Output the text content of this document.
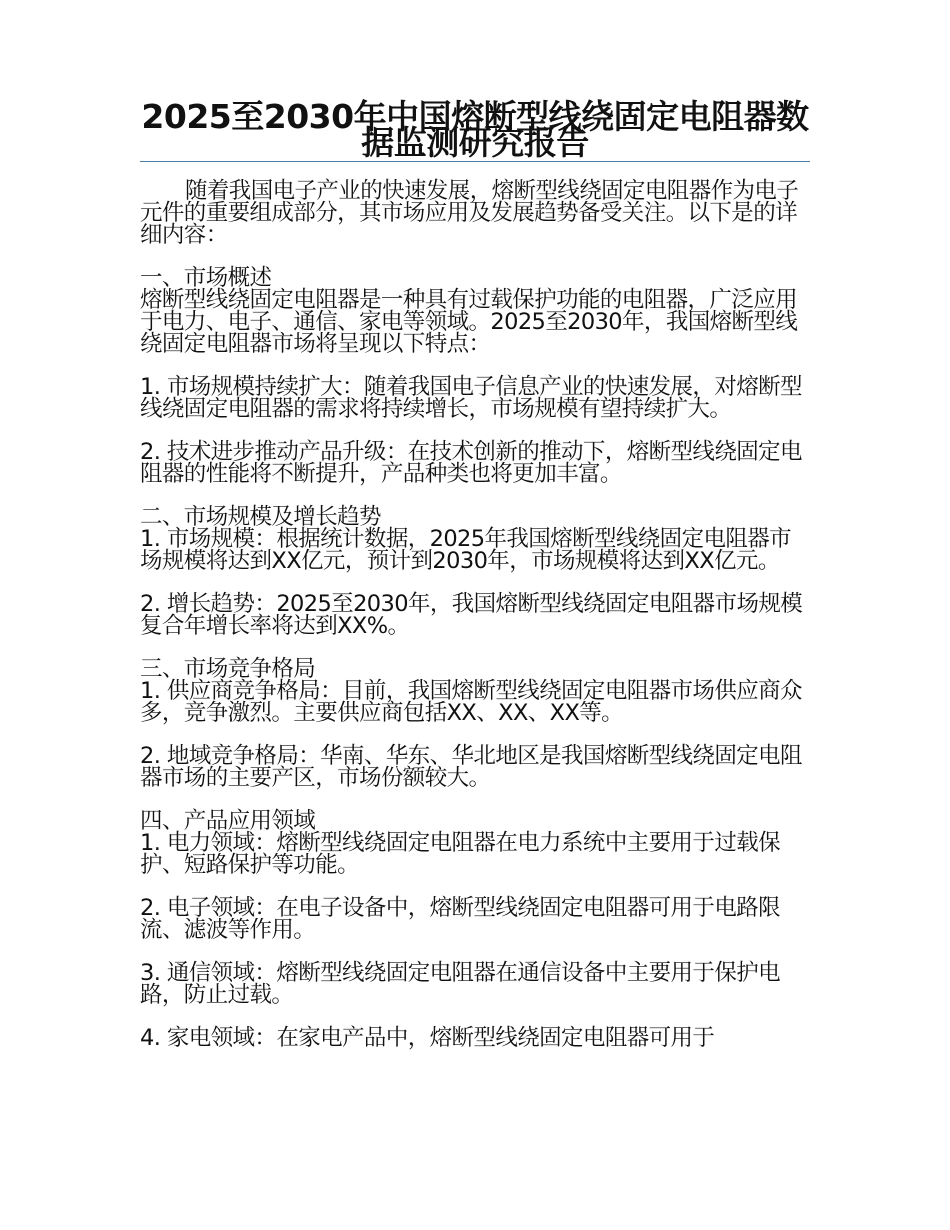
2025至2030年中国熔断型线绕固定电阻器数据监测研究报告

随着我国电子产业的快速发展，熔断型线绕固定电阻器作为电子元件的重要组成部分，其市场应用及发展趋势备受关注。以下是的详细内容：

一、市场概述

熔断型线绕固定电阻器是一种具有过载保护功能的电阻器，广泛应用于电力、电子、通信、家电等领域。2025至2030年，我国熔断型线绕固定电阻器市场将呈现以下特点：

1. 市场规模持续扩大：随着我国电子信息产业的快速发展，对熔断型线绕固定电阻器的需求将持续增长，市场规模有望持续扩大。

2. 技术进步推动产品升级：在技术创新的推动下，熔断型线绕固定电阻器的性能将不断提升，产品种类也将更加丰富。

二、市场规模及增长趋势

1. 市场规模：根据统计数据，2025年我国熔断型线绕固定电阻器市场规模将达到XX亿元，预计到2030年，市场规模将达到XX亿元。

2. 增长趋势：2025至2030年，我国熔断型线绕固定电阻器市场规模复合年增长率将达到XX%。

三、市场竞争格局

1. 供应商竞争格局：目前，我国熔断型线绕固定电阻器市场供应商众多，竞争激烈。主要供应商包括XX、XX、XX等。

2. 地域竞争格局：华南、华东、华北地区是我国熔断型线绕固定电阻器市场的主要产区，市场份额较大。

四、产品应用领域

1. 电力领域：熔断型线绕固定电阻器在电力系统中主要用于过载保护、短路保护等功能。

2. 电子领域：在电子设备中，熔断型线绕固定电阻器可用于电路限流、滤波等作用。

3. 通信领域：熔断型线绕固定电阻器在通信设备中主要用于保护电路，防止过载。

4. 家电领域：在家电产品中，熔断型线绕固定电阻器可用于
